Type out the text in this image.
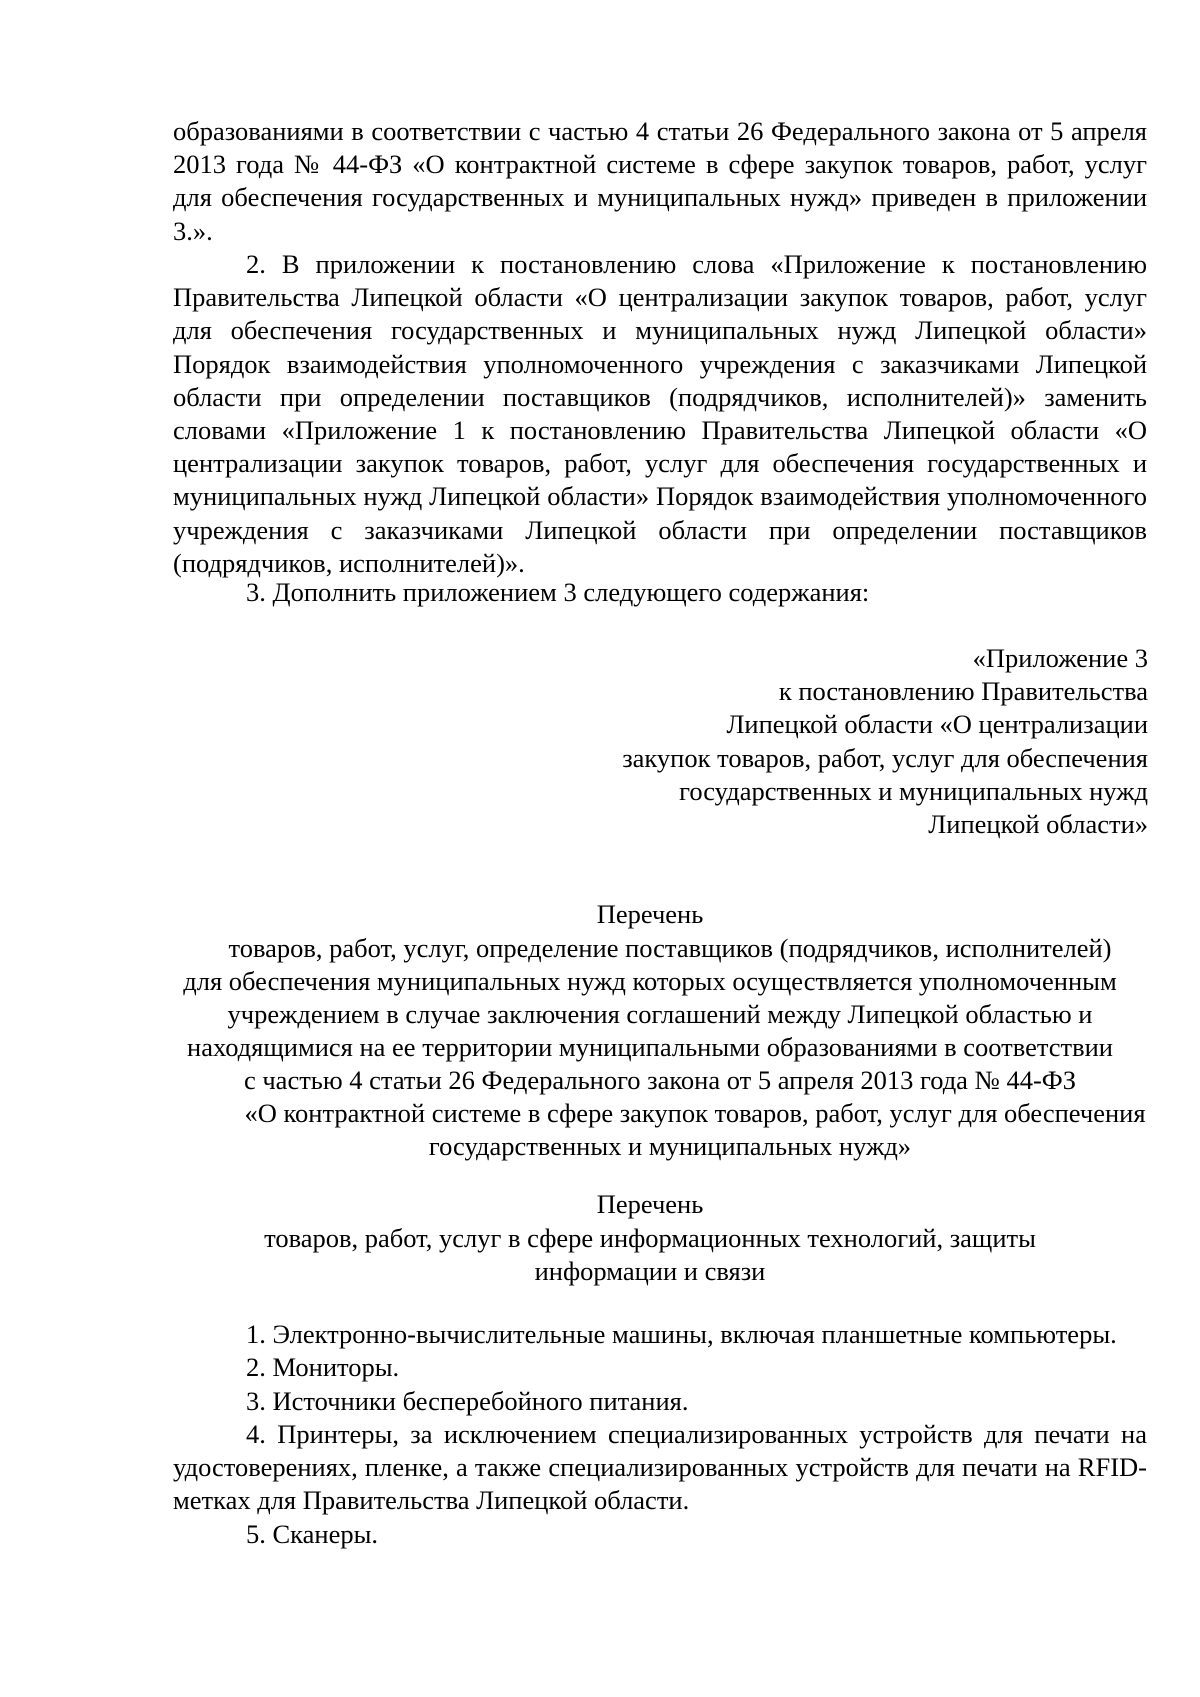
образованиями в соответствии с частью 4 статьи 26 Федерального закона от 5 апреля 2013 года № 44-ФЗ «О контрактной системе в сфере закупок товаров, работ, услуг для обеспечения государственных и муниципальных нужд» приведен в приложении 3.».

2. В приложении к постановлению слова «Приложение к постановлению Правительства Липецкой области «О централизации закупок товаров, работ, услуг для обеспечения государственных и муниципальных нужд Липецкой области» Порядок взаимодействия уполномоченного учреждения с заказчиками Липецкой области при определении поставщиков (подрядчиков, исполнителей)» заменить словами «Приложение 1 к постановлению Правительства Липецкой области «О централизации закупок товаров, работ, услуг для обеспечения государственных и муниципальных нужд Липецкой области» Порядок взаимодействия уполномоченного учреждения с заказчиками Липецкой области при определении поставщиков (подрядчиков, исполнителей)».

3. Дополнить приложением 3 следующего содержания:

«Приложение 3
к постановлению Правительства
Липецкой области «О централизации
закупок товаров, работ, услуг для обеспечения
государственных и муниципальных нужд
Липецкой области»
Перечень
товаров, работ, услуг, определение поставщиков (подрядчиков, исполнителей)
для обеспечения муниципальных нужд которых осуществляется уполномоченным
учреждением в случае заключения соглашений между Липецкой областью и
находящимися на ее территории муниципальными образованиями в соответствии
с частью 4 статьи 26 Федерального закона от 5 апреля 2013 года № 44-ФЗ
«О контрактной системе в сфере закупок товаров, работ, услуг для обеспечения
государственных и муниципальных нужд»
Перечень
товаров, работ, услуг в сфере информационных технологий, защиты
информации и связи

1. Электронно-вычислительные машины, включая планшетные компьютеры.

2. Мониторы.

3. Источники бесперебойного питания.

4. Принтеры, за исключением специализированных устройств для печати на удостоверениях, пленке, а также специализированных устройств для печати на RFID-метках для Правительства Липецкой области.

5. Сканеры.
